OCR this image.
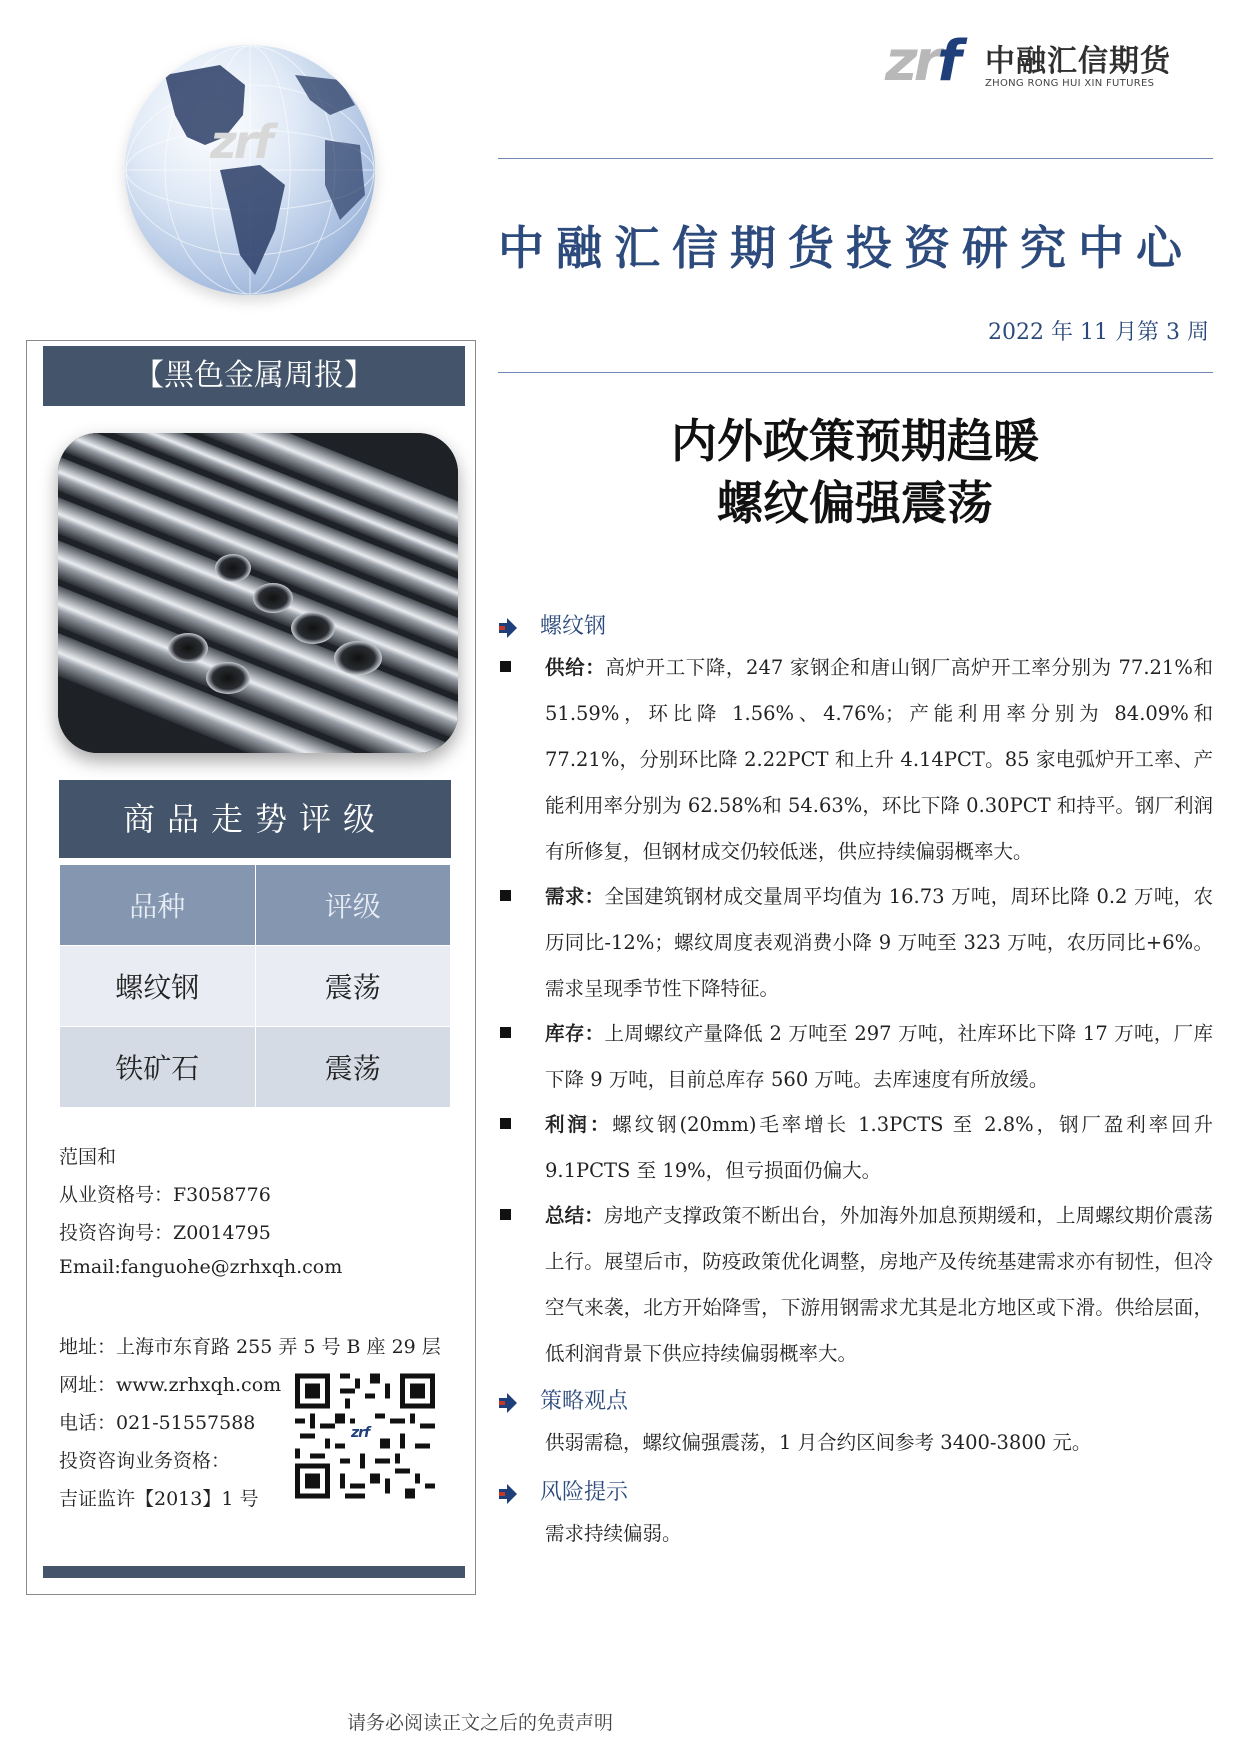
zrf
zrf 中融汇信期货
ZHONG RONG HUI XIN FUTURES
中融汇信期货投资研究中心
2022 年 11 月第 3 周
内外政策预期趋暖
螺纹偏强震荡
【黑色金属周报】
商品走势评级
品种	评级
螺纹钢	震荡
铁矿石	震荡
范国和
从业资格号：F3058776
投资咨询号：Z0014795
Email:fanguohe@zrhxqh.com
地址：上海市东育路 255 弄 5 号 B 座 29 层
网址：www.zrhxqh.com
电话：021-51557588
投资咨询业务资格：
吉证监许【2013】1 号
zrf
螺纹钢
供给：高炉开工下降，247 家钢企和唐山钢厂高炉开工率分别为 77.21%和 51.59%，环比降 1.56%、4.76%；产能利用率分别为 84.09%和 77.21%，分别环比降 2.22PCT 和上升 4.14PCT。85 家电弧炉开工率、产能利用率分别为 62.58%和 54.63%，环比下降 0.30PCT 和持平。钢厂利润有所修复，但钢材成交仍较低迷，供应持续偏弱概率大。
需求：全国建筑钢材成交量周平均值为 16.73 万吨，周环比降 0.2 万吨，农历同比-12%；螺纹周度表观消费小降 9 万吨至 323 万吨，农历同比+6%。需求呈现季节性下降特征。
库存：上周螺纹产量降低 2 万吨至 297 万吨，社库环比下降 17 万吨，厂库下降 9 万吨，目前总库存 560 万吨。去库速度有所放缓。
利润：螺纹钢(20mm)毛率增长 1.3PCTS 至 2.8%，钢厂盈利率回升 9.1PCTS 至 19%，但亏损面仍偏大。
总结：房地产支撑政策不断出台，外加海外加息预期缓和，上周螺纹期价震荡上行。展望后市，防疫政策优化调整，房地产及传统基建需求亦有韧性，但冷空气来袭，北方开始降雪，下游用钢需求尤其是北方地区或下滑。供给层面，低利润背景下供应持续偏弱概率大。
策略观点
供弱需稳，螺纹偏强震荡，1 月合约区间参考 3400-3800 元。
风险提示
需求持续偏弱。
请务必阅读正文之后的免责声明
